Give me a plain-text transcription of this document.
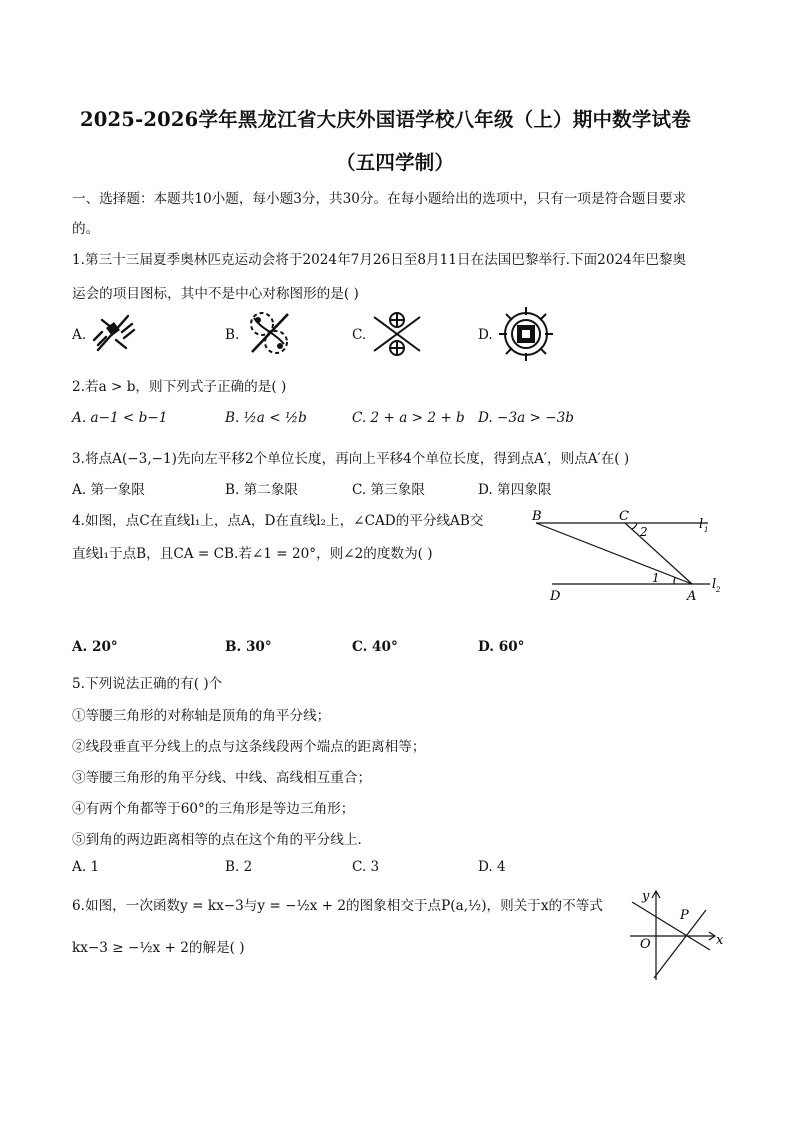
2025-2026学年黑龙江省大庆外国语学校八年级（上）期中数学试卷
（五四学制）
一、选择题：本题共10小题，每小题3分，共30分。在每小题给出的选项中，只有一项是符合题目要求
的。
1.第三十三届夏季奥林匹克运动会将于2024年7月26日至8月11日在法国巴黎举行.下面2024年巴黎奥
运会的项目图标，其中不是中心对称图形的是( )
A.	B.	C.	D.
2.若a > b，则下列式子正确的是( )
A. a−1 < b−1	B. ½a < ½b	C. 2 + a > 2 + b D. −3a > −3b
3.将点A(−3,−1)先向左平移2个单位长度，再向上平移4个单位长度，得到点A′，则点A′在( )
A. 第一象限	B. 第二象限	C. 第三象限	D. 第四象限
4.如图，点C在直线l₁上，点A，D在直线l₂上，∠CAD的平分线AB交
直线l₁于点B，且CA = CB.若∠1 = 20°，则∠2的度数为( )
B	C
2	l 1
1
D	A
l 2
A. 20°	B. 30°	C. 40°	D. 60°
5.下列说法正确的有( )个
①等腰三角形的对称轴是顶角的角平分线；
②线段垂直平分线上的点与这条线段两个端点的距离相等；
③等腰三角形的角平分线、中线、高线相互重合；
④有两个角都等于60°的三角形是等边三角形；
⑤到角的两边距离相等的点在这个角的平分线上.
A. 1	B. 2	C. 3	D. 4
6.如图，一次函数y = kx−3与y = −½x + 2的图象相交于点P(a,½)，则关于x的不等式
kx−3 ≥ −½x + 2的解是( )
y
x
O
P
